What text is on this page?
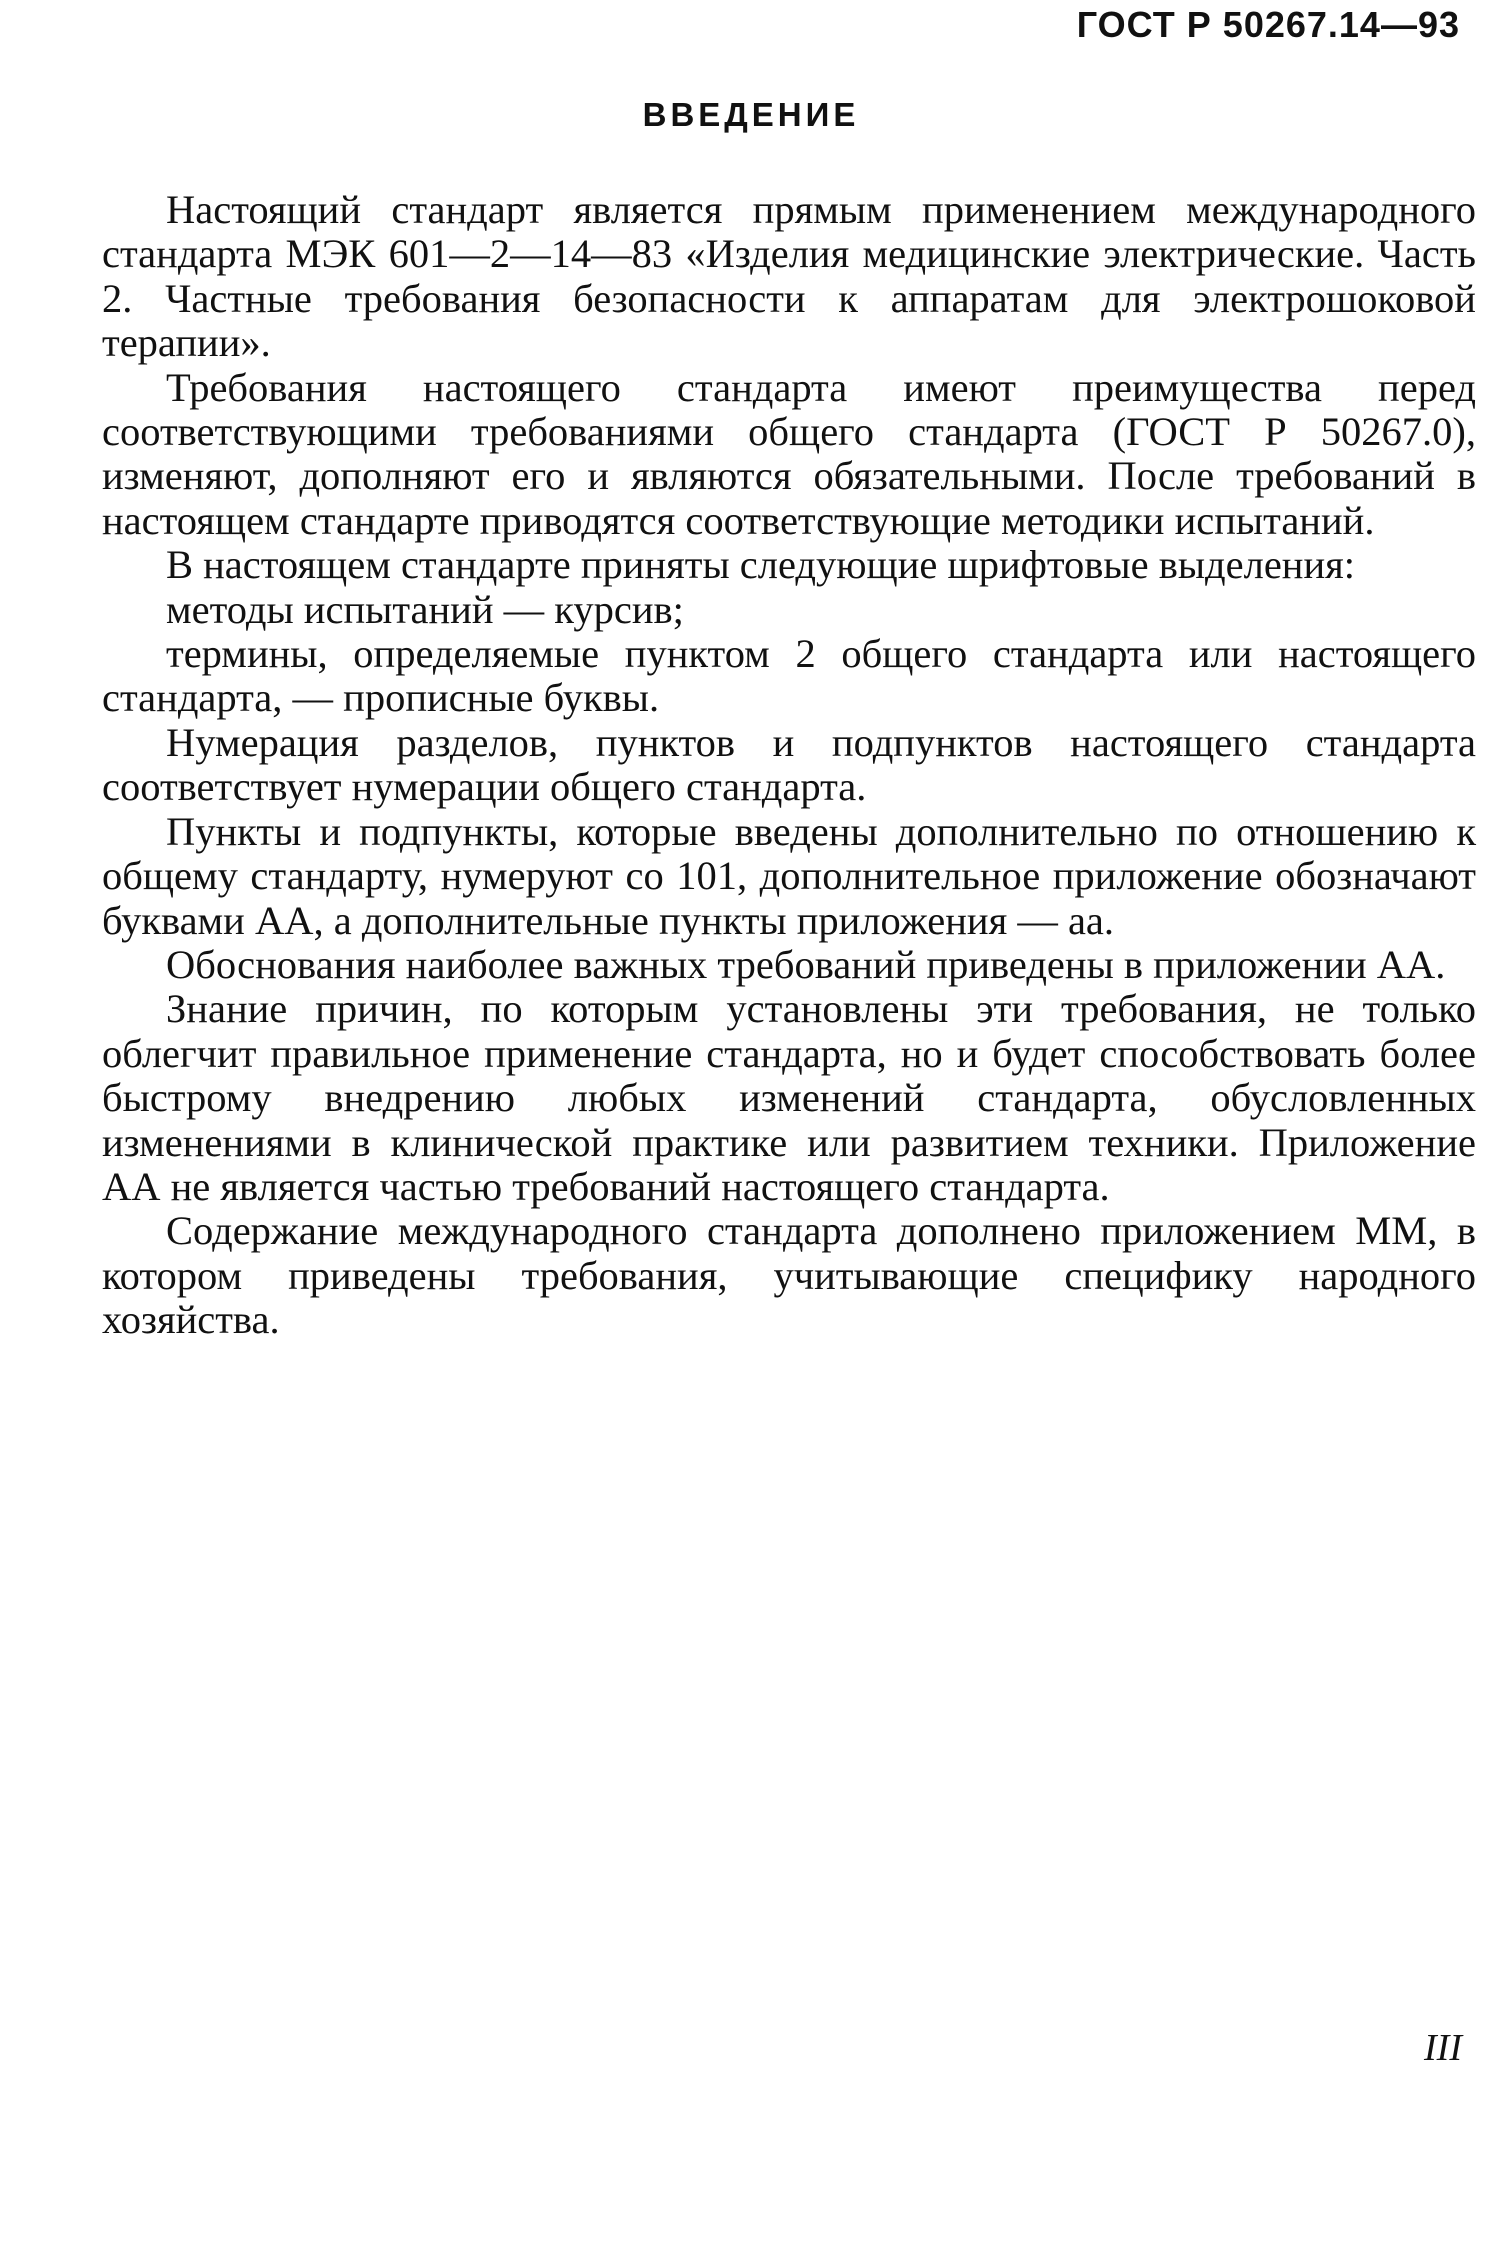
ГОСТ Р 50267.14—93
ВВЕДЕНИЕ

Настоящий стандарт является прямым применением международного стандарта МЭК 601—2—14—83 «Изделия медицинские электрические. Часть 2. Частные требования безопасности к аппаратам для электрошоковой терапии».

Требования настоящего стандарта имеют преимущества перед соответствующими требованиями общего стандарта (ГОСТ Р 50267.0), изменяют, дополняют его и являются обязательными. После требований в настоящем стандарте приводятся соответствующие методики испытаний.

В настоящем стандарте приняты следующие шрифтовые выделения:

методы испытаний — курсив;

термины, определяемые пунктом 2 общего стандарта или настоящего стандарта, — прописные буквы.

Нумерация разделов, пунктов и подпунктов настоящего стандарта соответствует нумерации общего стандарта.

Пункты и подпункты, которые введены дополнительно по отношению к общему стандарту, нумеруют со 101, дополнительное приложение обозначают буквами АА, а дополнительные пункты приложения — аа.

Обоснования наиболее важных требований приведены в приложении АА.

Знание причин, по которым установлены эти требования, не только облегчит правильное применение стандарта, но и будет способствовать более быстрому внедрению любых изменений стандарта, обусловленных изменениями в клинической практике или развитием техники. Приложение АА не является частью требований настоящего стандарта.

Содержание международного стандарта дополнено приложением ММ, в котором приведены требования, учитывающие специфику народного хозяйства.

III
